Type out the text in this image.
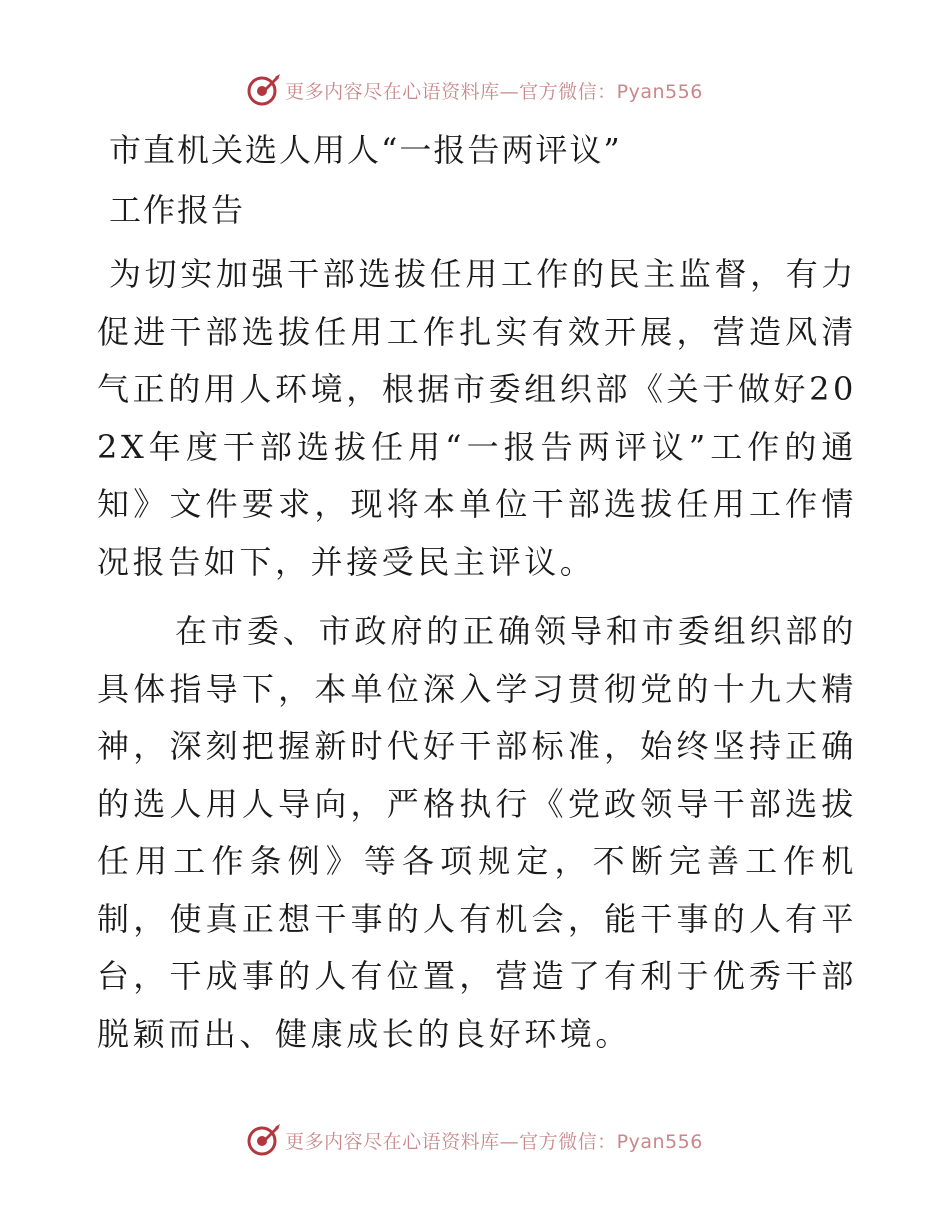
更多内容尽在心语资料库—官方微信：Pyan556
市直机关选人用人“一报告两评议”
工作报告

为切实加强干部选拔任用工作的民主监督，有力促进干部选拔任用工作扎实有效开展，营造风清气正的用人环境，根据市委组织部《关于做好202X年度干部选拔任用“一报告两评议”工作的通知》文件要求，现将本单位干部选拔任用工作情况报告如下，并接受民主评议。

在市委、市政府的正确领导和市委组织部的具体指导下，本单位深入学习贯彻党的十九大精神，深刻把握新时代好干部标准，始终坚持正确的选人用人导向，严格执行《党政领导干部选拔任用工作条例》等各项规定，不断完善工作机制，使真正想干事的人有机会，能干事的人有平台，干成事的人有位置，营造了有利于优秀干部脱颖而出、健康成长的良好环境。

更多内容尽在心语资料库—官方微信：Pyan556
